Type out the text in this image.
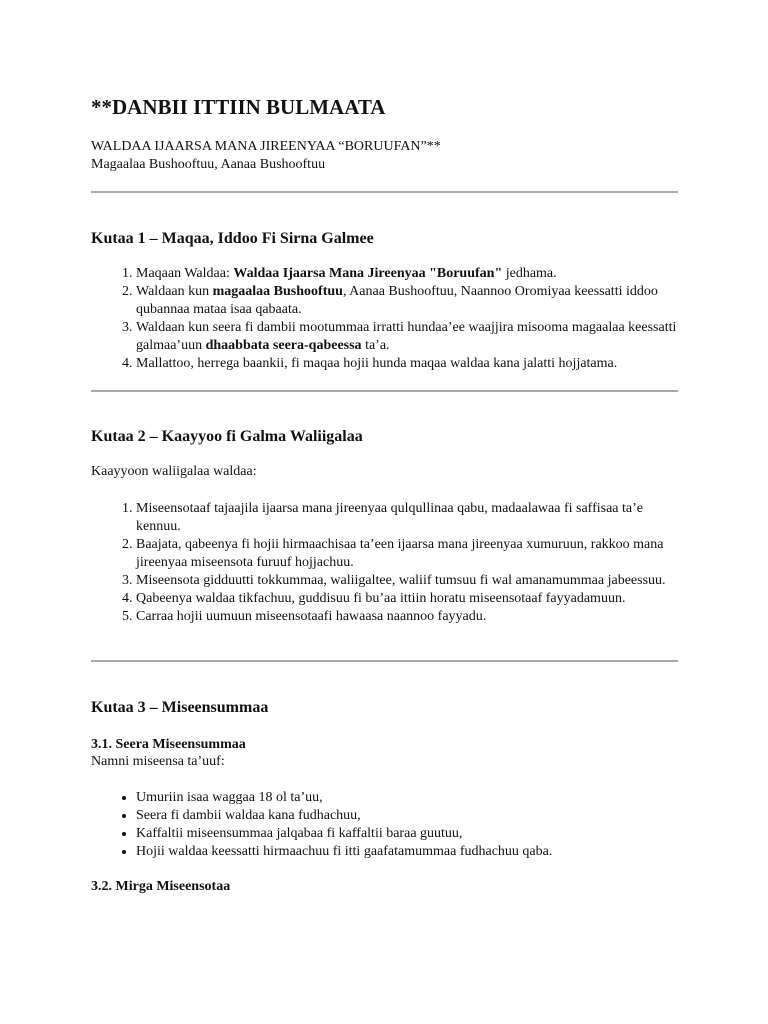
**DANBII ITTIIN BULMAATA
WALDAA IJAARSA MANA JIREENYAA “BORUUFAN”**
Magaalaa Bushooftuu, Aanaa Bushooftuu
Kutaa 1 – Maqaa, Iddoo Fi Sirna Galmee
1. Maqaan Waldaa: Waldaa Ijaarsa Mana Jireenyaa "Boruufan" jedhama.
2. Waldaan kun magaalaa Bushooftuu, Aanaa Bushooftuu, Naannoo Oromiyaa keessatti iddoo qubannaa mataa isaa qabaata.
3. Waldaan kun seera fi dambii mootummaa irratti hundaa’ee waajjira misooma magaalaa keessatti galmaa’uun dhaabbata seera-qabeessa ta’a.
4. Mallattoo, herrega baankii, fi maqaa hojii hunda maqaa waldaa kana jalatti hojjatama.
Kutaa 2 – Kaayyoo fi Galma Waliigalaa

Kaayyoon waliigalaa waldaa:

1. Miseensotaaf tajaajila ijaarsa mana jireenyaa qulqullinaa qabu, madaalawaa fi saffisaa ta’e kennuu.
2. Baajata, qabeenya fi hojii hirmaachisaa ta’een ijaarsa mana jireenyaa xumuruun, rakkoo mana jireenyaa miseensota furuuf hojjachuu.
3. Miseensota gidduutti tokkummaa, waliigaltee, waliif tumsuu fi wal amanamummaa jabeessuu.
4. Qabeenya waldaa tikfachuu, guddisuu fi bu’aa ittiin horatu miseensotaaf fayyadamuun.
5. Carraa hojii uumuun miseensotaafi hawaasa naannoo fayyadu.
Kutaa 3 – Miseensummaa
3.1. Seera Miseensummaa

Namni miseensa ta’uuf:

• Umuriin isaa waggaa 18 ol ta’uu,
• Seera fi dambii waldaa kana fudhachuu,
• Kaffaltii miseensummaa jalqabaa fi kaffaltii baraa guutuu,
• Hojii waldaa keessatti hirmaachuu fi itti gaafatamummaa fudhachuu qaba.
3.2. Mirga Miseensotaa
